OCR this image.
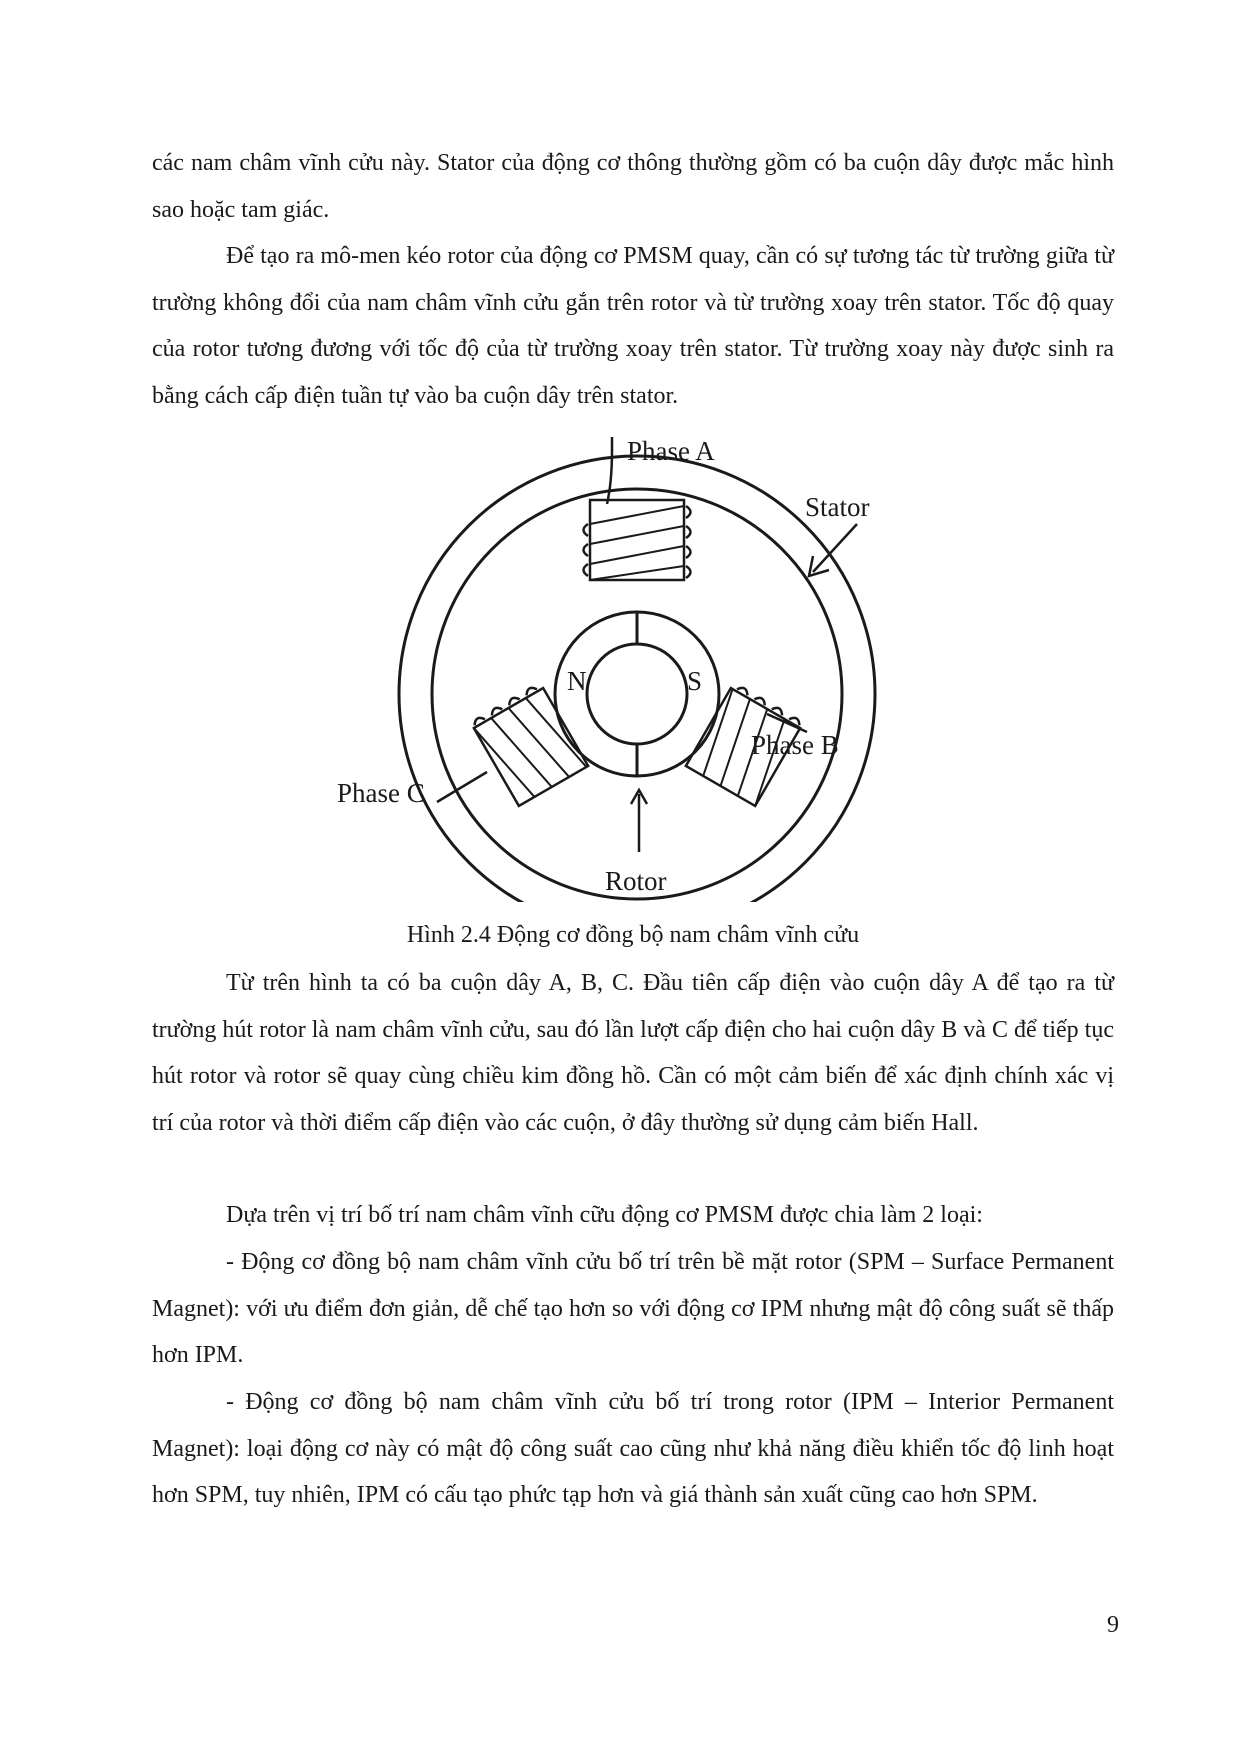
các nam châm vĩnh cửu này. Stator của động cơ thông thường gồm có ba cuộn dây được mắc hình sao hoặc tam giác.

Để tạo ra mô-men kéo rotor của động cơ PMSM quay, cần có sự tương tác từ trường giữa từ trường không đổi của nam châm vĩnh cửu gắn trên rotor và từ trường xoay trên stator. Tốc độ quay của rotor tương đương với tốc độ của từ trường xoay trên stator. Từ trường xoay này được sinh ra bằng cách cấp điện tuần tự vào ba cuộn dây trên stator.

N	S
Rotor
Phase A
Stator
Phase B
Phase C

Hình 2.4 Động cơ đồng bộ nam châm vĩnh cửu

Từ trên hình ta có ba cuộn dây A, B, C. Đầu tiên cấp điện vào cuộn dây A để tạo ra từ trường hút rotor là nam châm vĩnh cửu, sau đó lần lượt cấp điện cho hai cuộn dây B và C để tiếp tục hút rotor và rotor sẽ quay cùng chiều kim đồng hồ. Cần có một cảm biến để xác định chính xác vị trí của rotor và thời điểm cấp điện vào các cuộn, ở đây thường sử dụng cảm biến Hall.

Dựa trên vị trí bố trí nam châm vĩnh cữu động cơ PMSM được chia làm 2 loại:

- Động cơ đồng bộ nam châm vĩnh cửu bố trí trên bề mặt rotor (SPM – Surface Permanent Magnet): với ưu điểm đơn giản, dễ chế tạo hơn so với động cơ IPM nhưng mật độ công suất sẽ thấp hơn IPM.

- Động cơ đồng bộ nam châm vĩnh cửu bố trí trong rotor (IPM – Interior Permanent Magnet): loại động cơ này có mật độ công suất cao cũng như khả năng điều khiển tốc độ linh hoạt hơn SPM, tuy nhiên, IPM có cấu tạo phức tạp hơn và giá thành sản xuất cũng cao hơn SPM.

9
